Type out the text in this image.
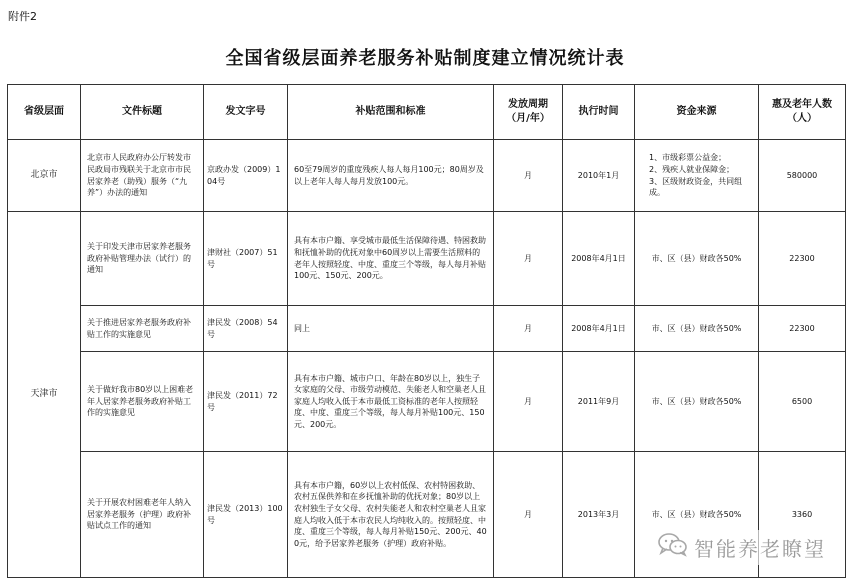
附件2
全国省级层面养老服务补贴制度建立情况统计表
省级层面	文件标题	发文字号	补贴范围和标准	发放周期（月/年）	执行时间	资金来源	惠及老年人数（人）
北京市	北京市人民政府办公厅转发市民政局市残联关于北京市市民居家养老（助残）服务（“九养”）办法的通知	京政办发（2009）104号	60至79周岁的重度残疾人每人每月100元；80周岁及以上老年人每人每月发放100元。	月	2010年1月	1、市级彩票公益金；
2、残疾人就业保障金；
3、区级财政资金，共同组成。	580000
天津市	关于印发天津市居家养老服务政府补贴管理办法（试行）的通知	津财社（2007）51号	具有本市户籍、享受城市最低生活保障待遇、特困救助和抚恤补助的优抚对象中60周岁以上需要生活照料的老年人按照轻度、中度、重度三个等级，每人每月补贴100元、150元、200元。	月	2008年4月1日	市、区（县）财政各50%	22300
	关于推进居家养老服务政府补贴工作的实施意见	津民发（2008）54号	同上	月	2008年4月1日	市、区（县）财政各50%	22300
	关于做好我市80岁以上困难老年人居家养老服务政府补贴工作的实施意见	津民发（2011）72号	具有本市户籍、城市户口、年龄在80岁以上，独生子女家庭的父母、市级劳动模范、失能老人和空巢老人且家庭人均收入低于本市最低工资标准的老年人按照轻度、中度、重度三个等级，每人每月补贴100元、150元、200元。	月	2011年9月	市、区（县）财政各50%	6500
	关于开展农村困难老年人纳入居家养老服务（护理）政府补贴试点工作的通知	津民发（2013）100号	具有本市户籍，60岁以上农村低保、农村特困救助、农村五保供养和在乡抚恤补助的优抚对象；80岁以上农村独生子女父母、农村失能老人和农村空巢老人且家庭人均收入低于本市农民人均纯收入的。按照轻度、中度、重度三个等级，每人每月补贴150元、200元、400元，给予居家养老服务（护理）政府补贴。	月	2013年3月	市、区（县）财政各50%	3360
智能养老瞭望
